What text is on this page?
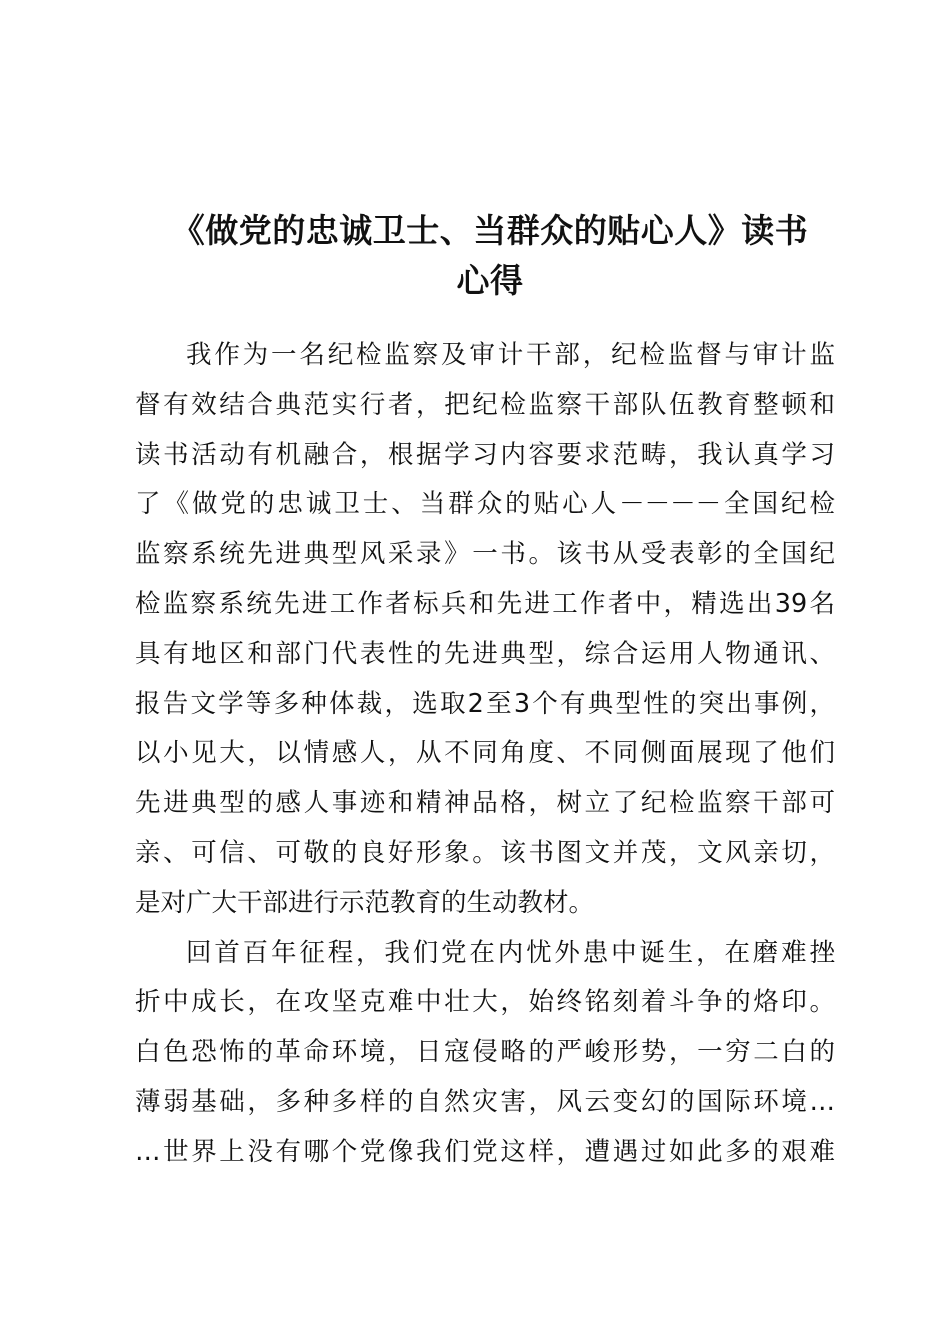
《做党的忠诚卫士、当群众的贴心人》读书
心得
我作为一名纪检监察及审计干部，纪检监督与审计监
督有效结合典范实行者，把纪检监察干部队伍教育整顿和
读书活动有机融合，根据学习内容要求范畴，我认真学习
了《做党的忠诚卫士、当群众的贴心人－－－－全国纪检
监察系统先进典型风采录》一书。该书从受表彰的全国纪
检监察系统先进工作者标兵和先进工作者中，精选出39名
具有地区和部门代表性的先进典型，综合运用人物通讯、
报告文学等多种体裁，选取2至3个有典型性的突出事例，
以小见大，以情感人，从不同角度、不同侧面展现了他们
先进典型的感人事迹和精神品格，树立了纪检监察干部可
亲、可信、可敬的良好形象。该书图文并茂，文风亲切，
是对广大干部进行示范教育的生动教材。
回首百年征程，我们党在内忧外患中诞生，在磨难挫
折中成长，在攻坚克难中壮大，始终铭刻着斗争的烙印。
白色恐怖的革命环境，日寇侵略的严峻形势，一穷二白的
薄弱基础，多种多样的自然灾害，风云变幻的国际环境…
…世界上没有哪个党像我们党这样，遭遇过如此多的艰难
